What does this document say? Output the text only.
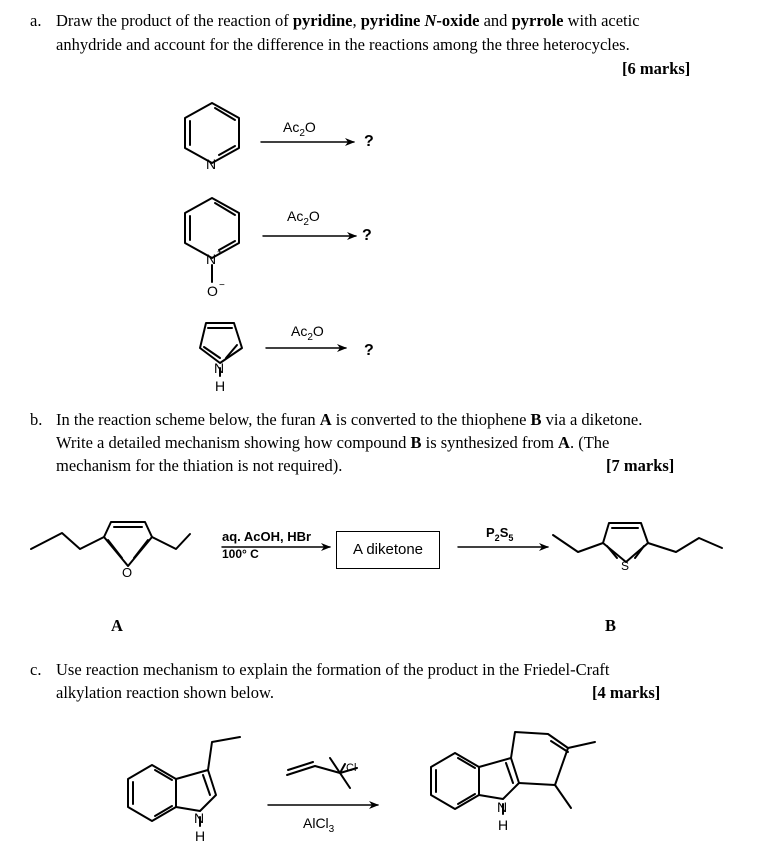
a. Draw the product of the reaction of pyridine, pyridine N-oxide and pyrrole with acetic
anhydride and account for the difference in the reactions among the three heterocycles.
[6 marks]
b. In the reaction scheme below, the furan A is converted to the thiophene B via a diketone.
Write a detailed mechanism showing how compound B is synthesized from A. (The
mechanism for the thiation is not required).	[7 marks]
c. Use reaction mechanism to explain the formation of the product in the Friedel-Craft
alkylation reaction shown below.	[4 marks]
A diketone
A	B
$Ac_2O$
$Ac_2O$
$Ac_2O$
?
?
?
N
N +
O −
N
H
aq. AcOH, HBr
100° C
$P_2S_5$
O	S
Cl
AlCl$_3$
N
H
N
H
